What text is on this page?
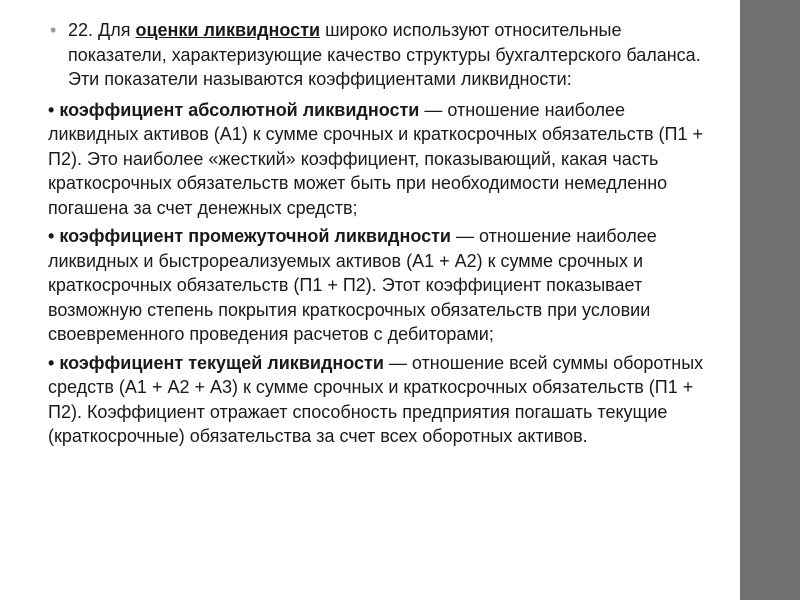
• 22. Для оценки ликвидности широко используют относительные показатели, характеризующие качество структуры бухгалтерского баланса. Эти показатели называются коэффициентами ликвидности:

• коэффициент абсолютной ликвидности — отношение наиболее ликвидных активов (А1) к сумме срочных и краткосрочных обязательств (П1 + П2). Это наиболее «жесткий» коэффициент, показывающий, какая часть краткосрочных обязательств может быть при необходимости немедленно погашена за счет денежных средств;

• коэффициент промежуточной ликвидности — отношение наиболее ликвидных и быстрореализуемых активов (А1 + А2) к сумме срочных и краткосрочных обязательств (П1 + П2). Этот коэффициент показывает возможную степень покрытия краткосрочных обязательств при условии своевременного проведения расчетов с дебиторами;

• коэффициент текущей ликвидности — отношение всей суммы оборотных средств (А1 + А2 + А3) к сумме срочных и краткосрочных обязательств (П1 + П2). Коэффициент отражает способность предприятия погашать текущие (краткосрочные) обязательства за счет всех оборотных активов.
